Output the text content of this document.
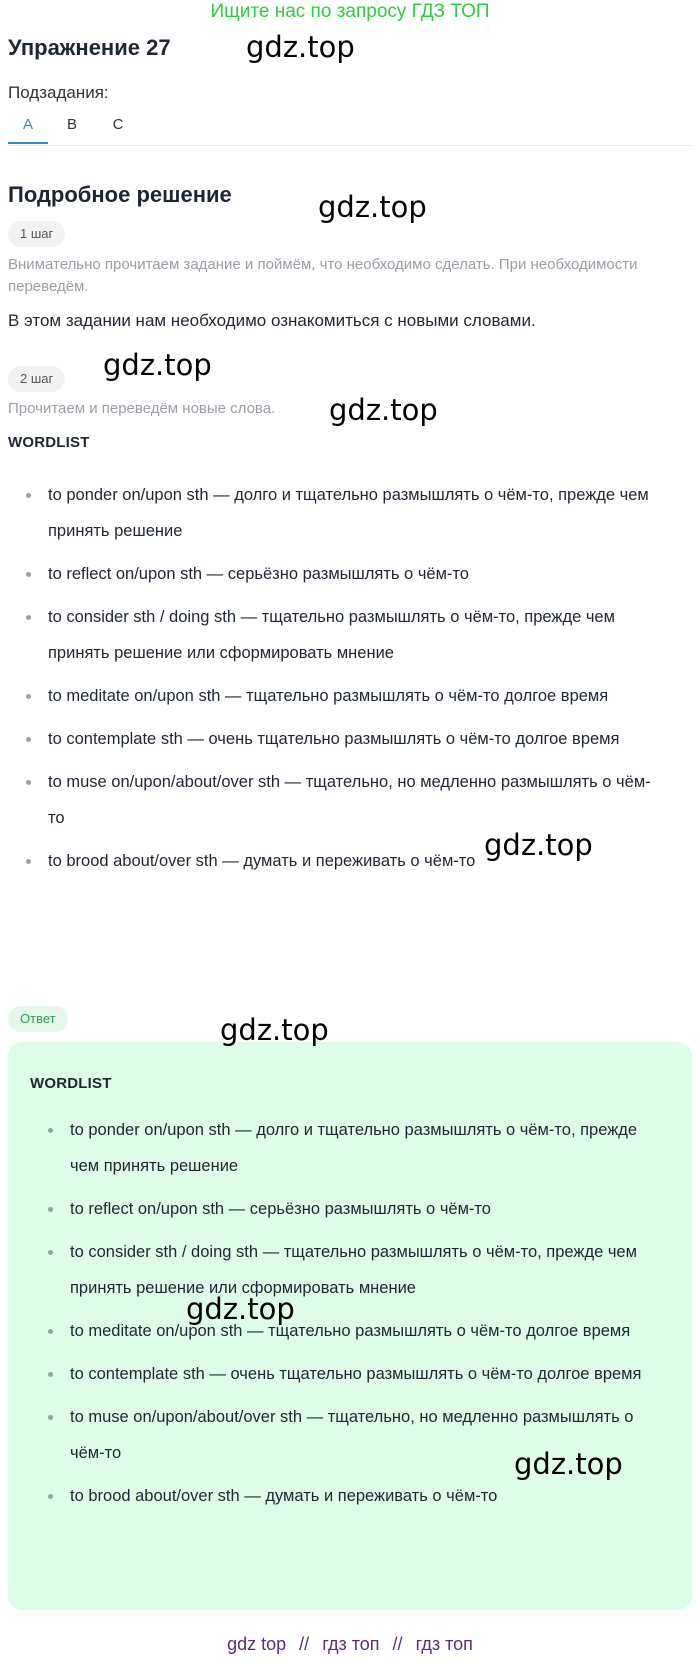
Ищите нас по запросу ГДЗ ТОП
Упражнение 27	gdz.top
Подзадания:
A	B	C
Подробное решение	gdz.top
1 шаг
Внимательно прочитаем задание и поймём, что необходимо сделать. При необходимости переведём.
В этом задании нам необходимо ознакомиться с новыми словами.
gdz.top
2 шаг
Прочитаем и переведём новые слова.	gdz.top
WORDLIST
to ponder on/upon sth — долго и тщательно размышлять о чём-то, прежде чем принять решение
to reflect on/upon sth — серьёзно размышлять о чём-то
to consider sth / doing sth — тщательно размышлять о чём-то, прежде чем принять решение или сформировать мнение
to meditate on/upon sth — тщательно размышлять о чём-то долгое время
to contemplate sth — очень тщательно размышлять о чём-то долгое время
to muse on/upon/about/over sth — тщательно, но медленно размышлять о чём-то
to brood about/over sth — думать и переживать о чём-то gdz.top
Ответ
WORDLIST
to ponder on/upon sth — долго и тщательно размышлять о чём-то, прежде чем принять решение
to reflect on/upon sth — серьёзно размышлять о чём-то
to consider sth / doing sth — тщательно размышлять о чём-то, прежде чем принять решение или сформировать мнение
to meditate on/upon sth — тщательно размышлять о чём-то долгое время
to contemplate sth — очень тщательно размышлять о чём-то долгое время
to muse on/upon/about/over sth — тщательно, но медленно размышлять о чём-то
to brood about/over sth — думать и переживать о чём-то
gdz.top
gdz.top
gdz.top
gdz top // гдз топ // гдз топ
